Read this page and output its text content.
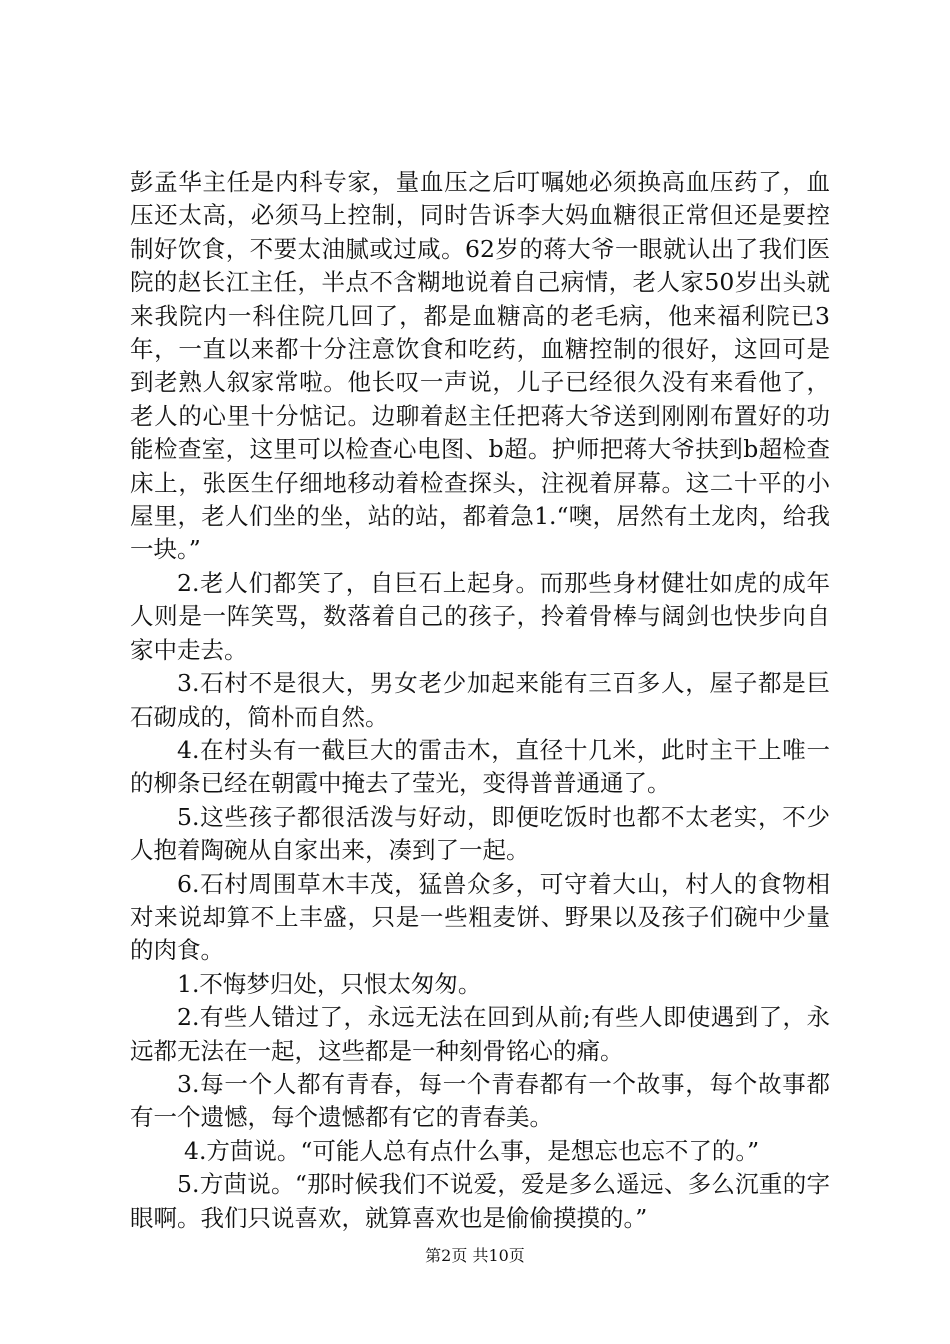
彭孟华主任是内科专家，量血压之后叮嘱她必须换高血压药了，血压还太高，必须马上控制，同时告诉李大妈血糖很正常但还是要控制好饮食，不要太油腻或过咸。62岁的蒋大爷一眼就认出了我们医院的赵长江主任，半点不含糊地说着自己病情，老人家50岁出头就来我院内一科住院几回了，都是血糖高的老毛病，他来福利院已3年，一直以来都十分注意饮食和吃药，血糖控制的很好，这回可是到老熟人叙家常啦。他长叹一声说，儿子已经很久没有来看他了，老人的心里十分惦记。边聊着赵主任把蒋大爷送到刚刚布置好的功能检查室，这里可以检查心电图、b超。护师把蒋大爷扶到b超检查床上，张医生仔细地移动着检查探头，注视着屏幕。这二十平的小屋里，老人们坐的坐，站的站，都着急1.“噢，居然有土龙肉，给我一块。”

2.老人们都笑了，自巨石上起身。而那些身材健壮如虎的成年人则是一阵笑骂，数落着自己的孩子，拎着骨棒与阔剑也快步向自家中走去。

3.石村不是很大，男女老少加起来能有三百多人，屋子都是巨石砌成的，简朴而自然。

4.在村头有一截巨大的雷击木，直径十几米，此时主干上唯一的柳条已经在朝霞中掩去了莹光，变得普普通通了。

5.这些孩子都很活泼与好动，即便吃饭时也都不太老实，不少人抱着陶碗从自家出来，凑到了一起。

6.石村周围草木丰茂，猛兽众多，可守着大山，村人的食物相对来说却算不上丰盛，只是一些粗麦饼、野果以及孩子们碗中少量的肉食。

1.不悔梦归处，只恨太匆匆。

2.有些人错过了，永远无法在回到从前;有些人即使遇到了，永远都无法在一起，这些都是一种刻骨铭心的痛。

3.每一个人都有青春，每一个青春都有一个故事，每个故事都有一个遗憾，每个遗憾都有它的青春美。

4.方茴说。“可能人总有点什么事，是想忘也忘不了的。”

5.方茴说。“那时候我们不说爱，爱是多么遥远、多么沉重的字眼啊。我们只说喜欢，就算喜欢也是偷偷摸摸的。”

第2页 共10页
